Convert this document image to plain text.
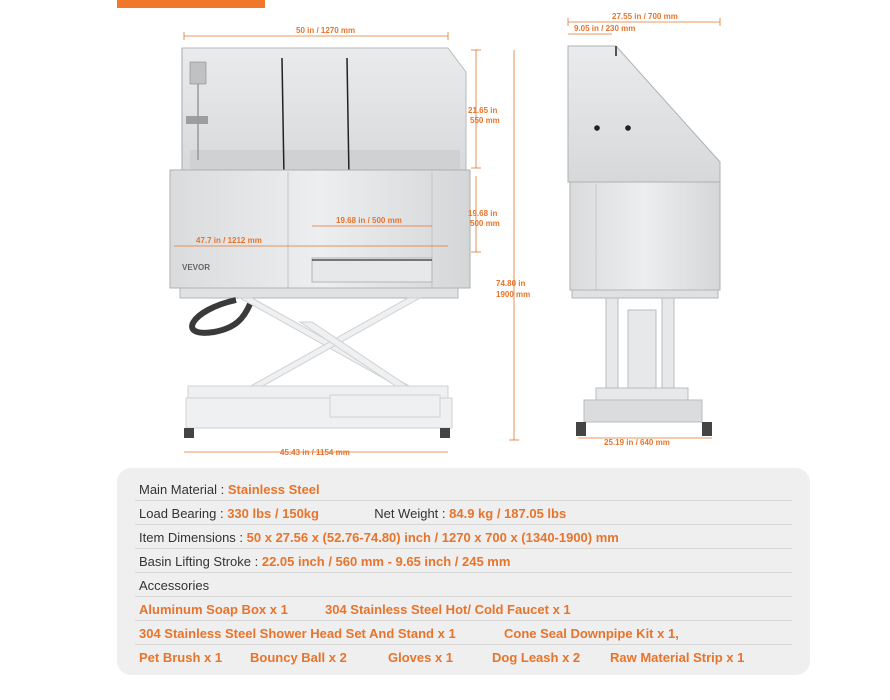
VEVOR
50 in / 1270 mm
21.65 in
550 mm
19.68 in
500 mm
19.68 in / 500 mm
47.7 in / 1212 mm
74.80 in
1900 mm
45.43 in / 1154 mm
27.55 in / 700 mm
9.05 in / 230 mm
25.19 in / 640 mm
Main Material : Stainless Steel
Load Bearing : 330 lbs / 150kg	Net Weight : 84.9 kg / 187.05 lbs
Item Dimensions : 50 x 27.56 x (52.76-74.80) inch / 1270 x 700 x (1340-1900) mm
Basin Lifting Stroke : 22.05 inch / 560 mm - 9.65 inch / 245 mm
Accessories
Aluminum Soap Box x 1	304 Stainless Steel Hot/ Cold Faucet x 1
304 Stainless Steel Shower Head Set And Stand x 1	Cone Seal Downpipe Kit x 1,
Pet Brush x 1 Bouncy Ball x 2	Gloves x 1	Dog Leash x 2 Raw Material Strip x 1
